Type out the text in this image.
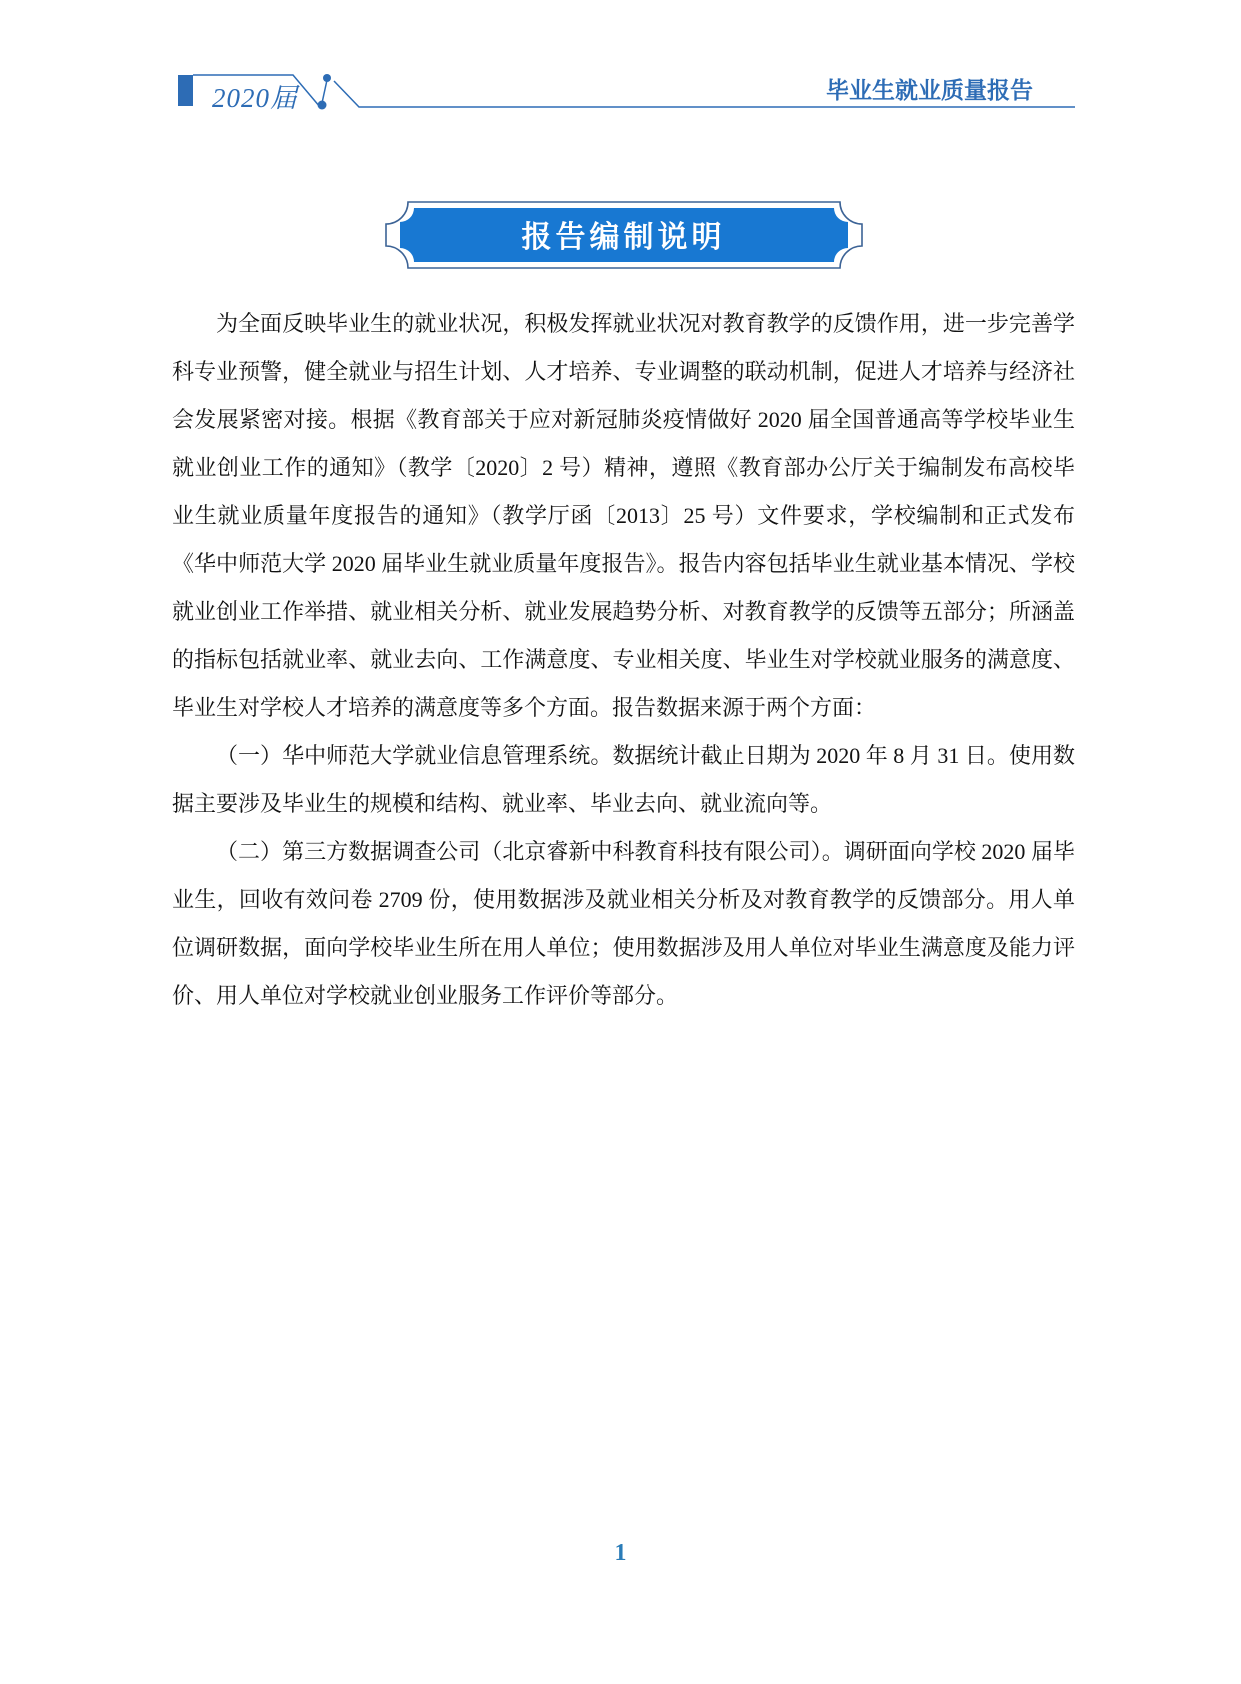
2020届	毕业生就业质量报告
报告编制说明

为全面反映毕业生的就业状况，积极发挥就业状况对教育教学的反馈作用，进一步完善学科专业预警，健全就业与招生计划、人才培养、专业调整的联动机制，促进人才培养与经济社会发展紧密对接。根据《教育部关于应对新冠肺炎疫情做好 2020 届全国普通高等学校毕业生就业创业工作的通知》（教学〔2020〕2 号）精神，遵照《教育部办公厅关于编制发布高校毕业生就业质量年度报告的通知》（教学厅函〔2013〕25 号）文件要求，学校编制和正式发布《华中师范大学 2020 届毕业生就业质量年度报告》。报告内容包括毕业生就业基本情况、学校就业创业工作举措、就业相关分析、就业发展趋势分析、对教育教学的反馈等五部分；所涵盖的指标包括就业率、就业去向、工作满意度、专业相关度、毕业生对学校就业服务的满意度、毕业生对学校人才培养的满意度等多个方面。报告数据来源于两个方面：

（一）华中师范大学就业信息管理系统。数据统计截止日期为 2020 年 8 月 31 日。使用数据主要涉及毕业生的规模和结构、就业率、毕业去向、就业流向等。

（二）第三方数据调查公司（北京睿新中科教育科技有限公司）。调研面向学校 2020 届毕业生，回收有效问卷 2709 份，使用数据涉及就业相关分析及对教育教学的反馈部分。用人单位调研数据，面向学校毕业生所在用人单位；使用数据涉及用人单位对毕业生满意度及能力评价、用人单位对学校就业创业服务工作评价等部分。

1
